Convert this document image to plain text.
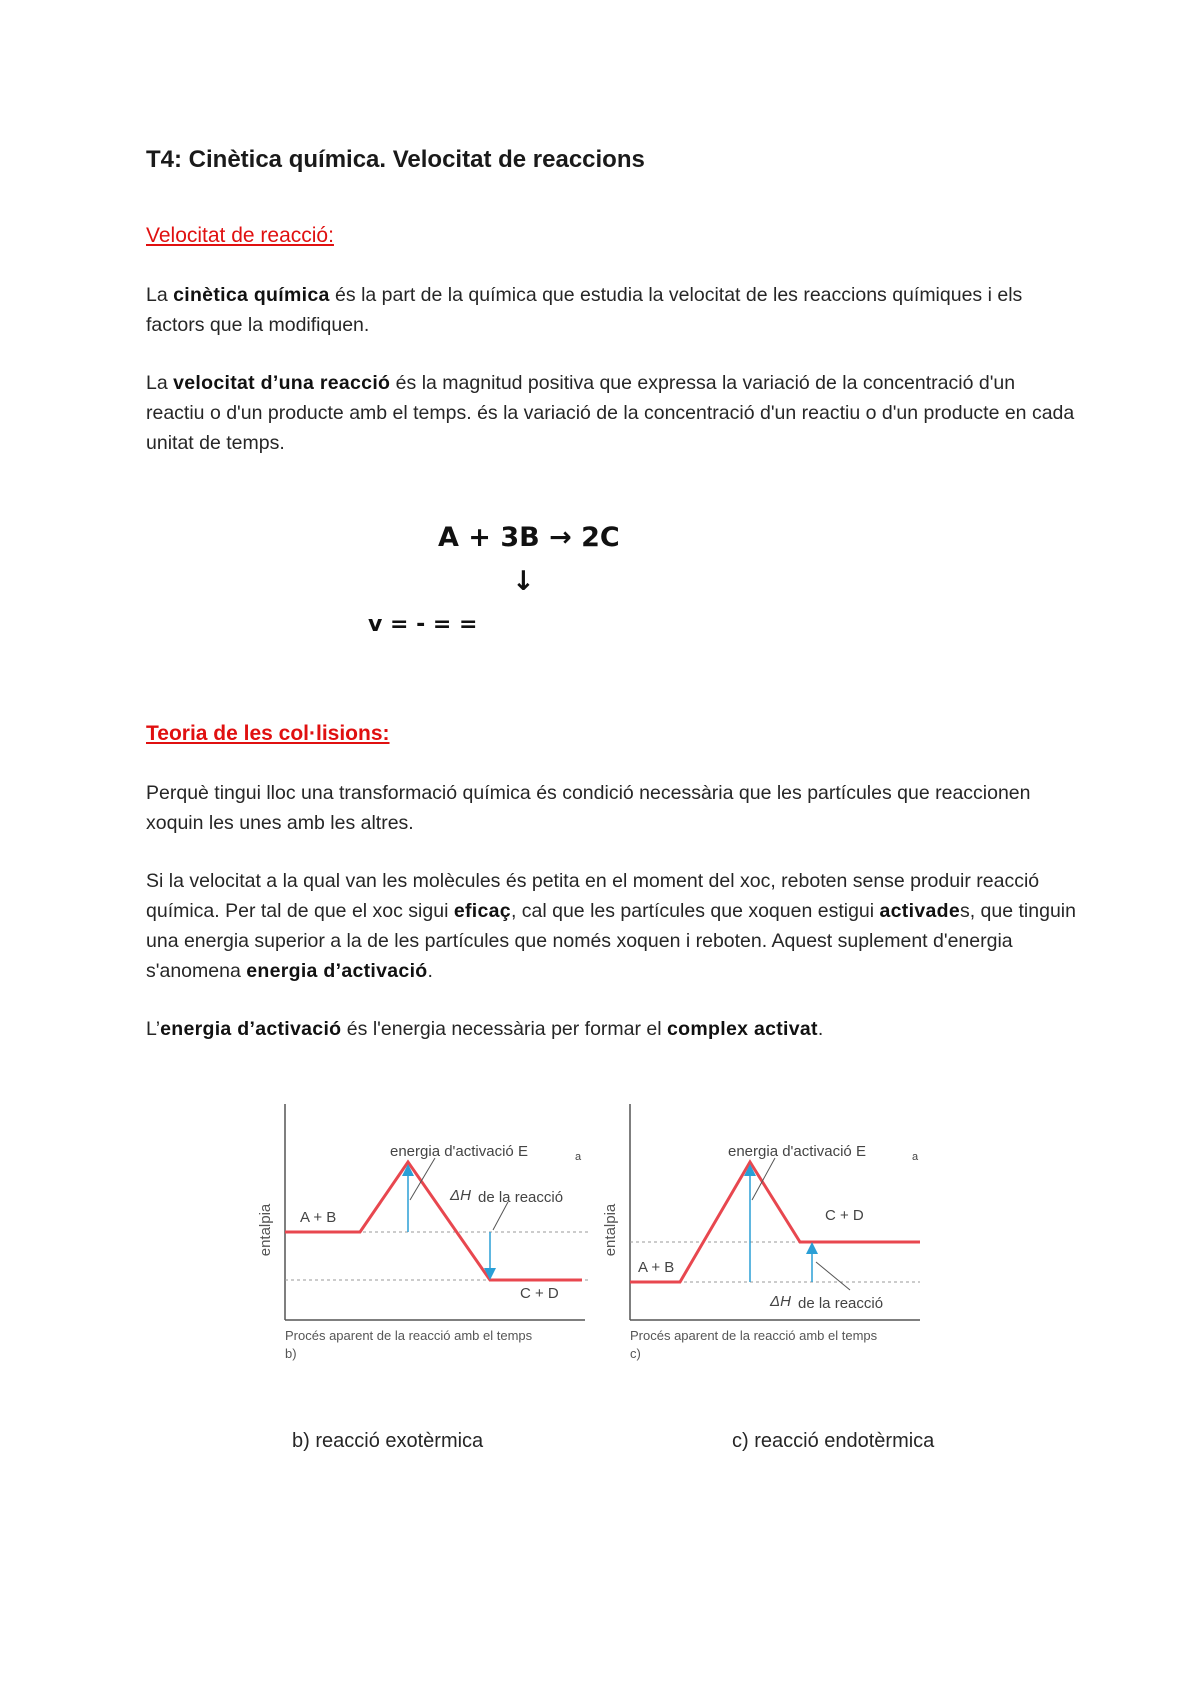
T4: Cinètica química. Velocitat de reaccions
Velocitat de reacció:

La cinètica química és la part de la química que estudia la velocitat de les reaccions químiques i els factors que la modifiquen.

La velocitat d’una reacció és la magnitud positiva que expressa la variació de la concentració d'un reactiu o d'un producte amb el temps. és la variació de la concentració d'un reactiu o d'un producte en cada unitat de temps.

A + 3B → 2C
↓
v = - = =
Teoria de les col·lisions:

Perquè tingui lloc una transformació química és condició necessària que les partícules que reaccionen xoquin les unes amb les altres.

Si la velocitat a la qual van les molècules és petita en el moment del xoc, reboten sense produir reacció química. Per tal de que el xoc sigui eficaç, cal que les partícules que xoquen estigui activades, que tinguin una energia superior a la de les partícules que només xoquen i reboten. Aquest suplement d'energia s'anomena energia d’activació.

L’energia d’activació és l'energia necessària per formar el complex activat.

entalpia A + B
C + D
energia d'activació E	a
ΔH de la reacció
Procés aparent de la reacció amb el temps
b)
entalpia
A + B
C + D
energia d'activació E	a
ΔH de la reacció
Procés aparent de la reacció amb el temps
c)
b) reacció exotèrmica	c) reacció endotèrmica
